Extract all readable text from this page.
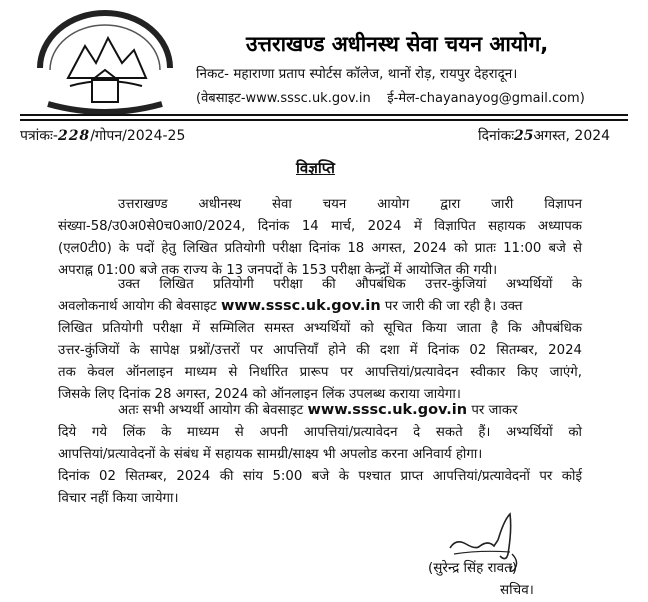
उत्तराखण्ड अधीनस्थ सेवा चयन आयोग,
निकट- महाराणा प्रताप स्पोर्टस कॉलेज, थानों रोड़, रायपुर देहरादून।
(वेबसाइट-www.sssc.uk.gov.in ई-मेल-chayanayog@gmail.com)
पत्रांकः-228/गोपन/2024-25	दिनांकः25अगस्त, 2024
विज्ञप्ति
उत्तराखण्ड अधीनस्थ सेवा चयन आयोग द्वारा जारी विज्ञापन
संख्या-58/उ0अ0से0च0आ0/2024, दिनांक 14 मार्च, 2024 में विज्ञापित सहायक अध्यापक
(एल0टी0) के पदों हेतु लिखित प्रतियोगी परीक्षा दिनांक 18 अगस्त, 2024 को प्रातः 11:00 बजे से
अपराह्न 01:00 बजे तक राज्य के 13 जनपदों के 153 परीक्षा केन्द्रों में आयोजित की गयी।
उक्त लिखित प्रतियोगी परीक्षा की औपबंधिक उत्तर-कुंजियां अभ्यर्थियों के
अवलोकनार्थ आयोग की बेवसाइट www.sssc.uk.gov.in पर जारी की जा रही है। उक्त
लिखित प्रतियोगी परीक्षा में सम्मिलित समस्त अभ्यर्थियों को सूचित किया जाता है कि औपबंधिक
उत्तर-कुंजियों के सापेक्ष प्रश्नों/उत्तरों पर आपत्तियाँ होने की दशा में दिनांक 02 सितम्बर, 2024
तक केवल ऑनलाइन माध्यम से निर्धारित प्रारूप पर आपत्तियां/प्रत्यावेदन स्वीकार किए जाएंगे,
जिसके लिए दिनांक 28 अगस्त, 2024 को ऑनलाइन लिंक उपलब्ध कराया जायेगा।
अतः सभी अभ्यर्थी आयोग की बेवसाइट www.sssc.uk.gov.in पर जाकर
दिये गये लिंक के माध्यम से अपनी आपत्तियां/प्रत्यावेदन दे सकते हैं। अभ्यर्थियों को
आपत्तियां/प्रत्यावेदनों के संबंध में सहायक सामग्री/साक्ष्य भी अपलोड करना अनिवार्य होगा।
दिनांक 02 सितम्बर, 2024 की सांय 5:00 बजे के पश्चात प्राप्त आपत्तियां/प्रत्यावेदनों पर कोई
विचार नहीं किया जायेगा।
(सुरेन्द्र सिंह रावत)
सचिव।
